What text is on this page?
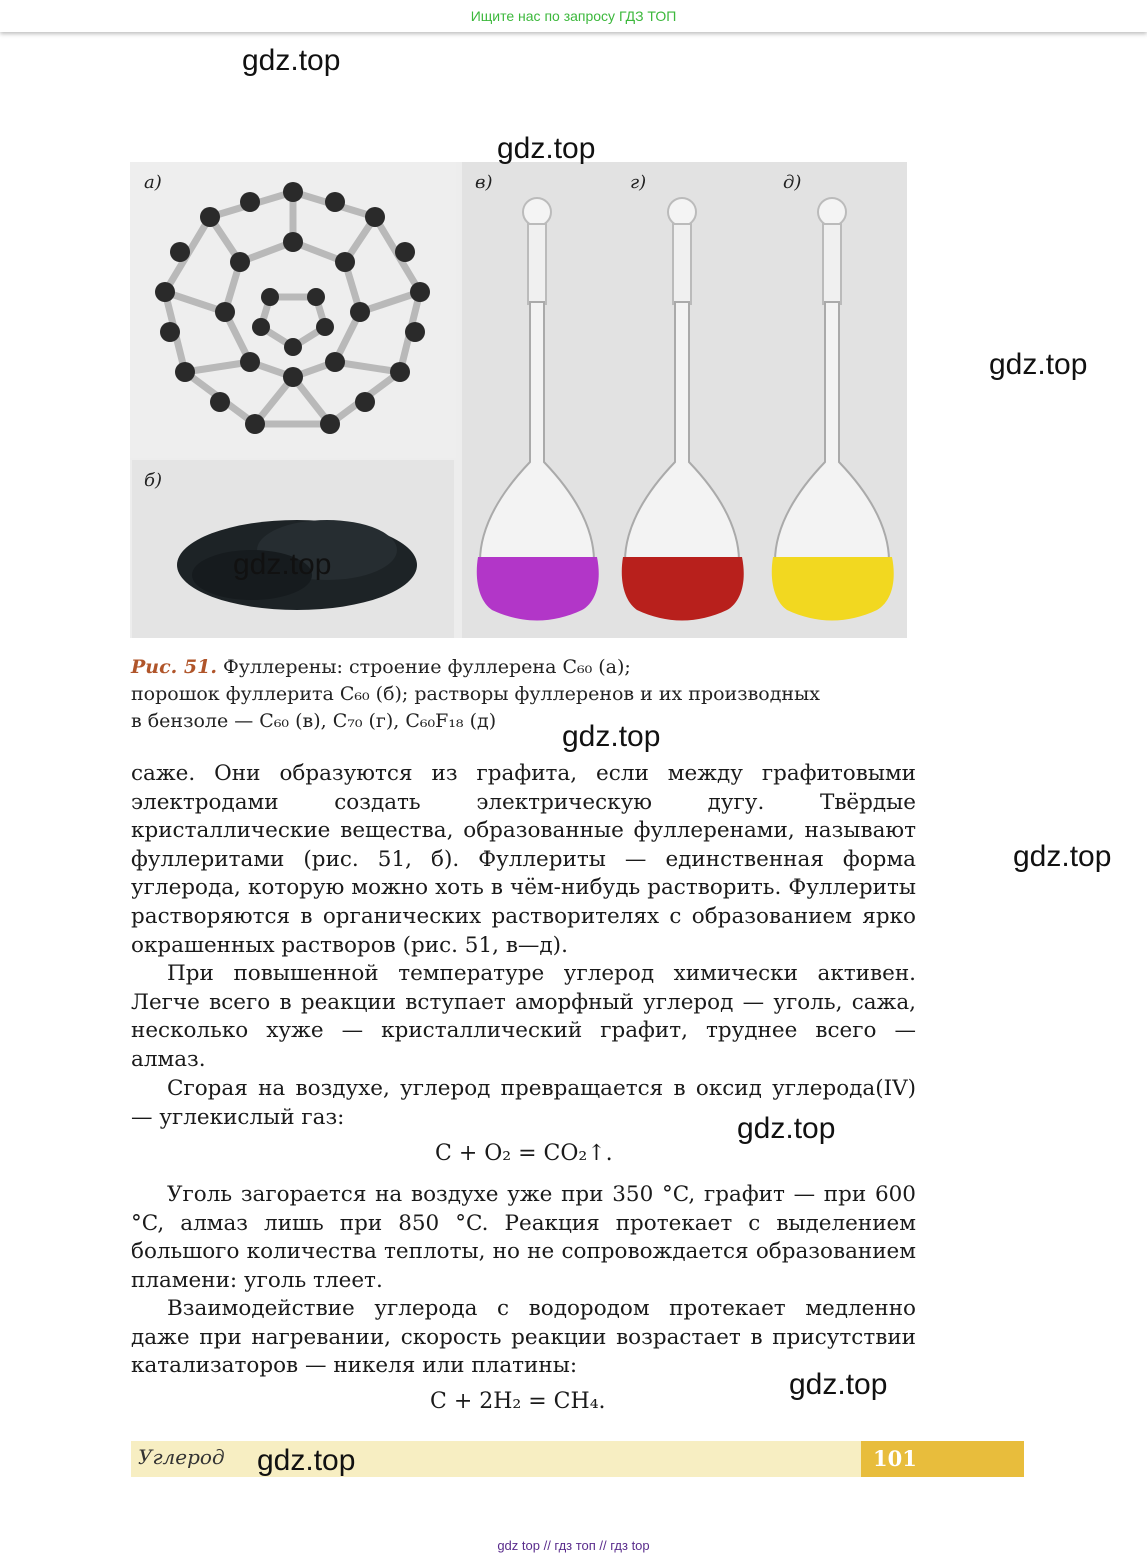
Ищите нас по запросу ГДЗ ТОП
а)
б)
в)	г)	д)
Рис. 51. Фуллерены: строение фуллерена C₆₀ (а);
порошок фуллерита C₆₀ (б); растворы фуллеренов и их производных
в бензоле — C₆₀ (в), C₇₀ (г), C₆₀F₁₈ (д)

саже. Они образуются из графита, если между графитовыми электродами создать электрическую дугу. Твёрдые кристаллические вещества, образованные фуллеренами, называют фуллеритами (рис. 51, б). Фуллериты — единственная форма углерода, которую можно хоть в чём-нибудь растворить. Фуллериты растворяются в органических растворителях с образованием ярко окрашенных растворов (рис. 51, в—д).

При повышенной температуре углерод химически активен. Легче всего в реакции вступает аморфный углерод — уголь, сажа, несколько хуже — кристаллический графит, труднее всего — алмаз.

Сгорая на воздухе, углерод превращается в оксид углерода(IV) — углекислый газ:

C + O₂ = CO₂↑.

Уголь загорается на воздухе уже при 350 °C, графит — при 600 °C, алмаз лишь при 850 °C. Реакция протекает с выделением большого количества теплоты, но не сопровождается образованием пламени: уголь тлеет.

Взаимодействие углерода с водородом протекает медленно даже при нагревании, скорость реакции возрастает в присутствии катализаторов — никеля или платины:

C + 2H₂ = CH₄.
Углерод	101
gdz top // гдз топ // гдз top
gdz.top
gdz.top
gdz.top
gdz.top
gdz.top
gdz.top
gdz.top
gdz.top
gdz.top
